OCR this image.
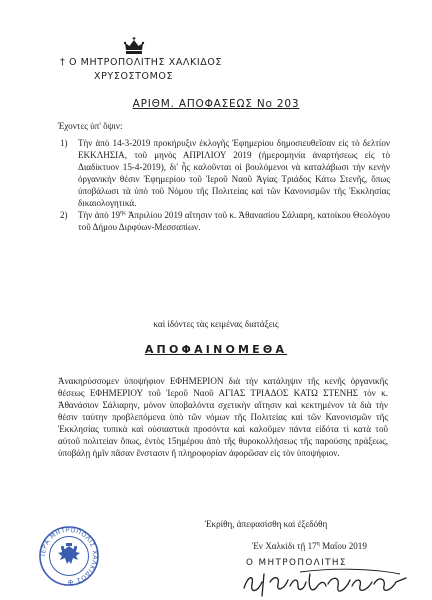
† Ο ΜΗΤΡΟΠΟΛΙΤΗΣ ΧΑΛΚΙΔΟΣ
ΧΡΥΣΟΣΤΟΜΟΣ
ΑΡΙΘΜ. ΑΠΟΦΑΣΕΩΣ Νο 203
Έχοντες ὑπ' ὄψιν:
1) Τὴν ἀπὸ 14-3-2019 προκήρυξιν ἐκλογῆς Ἐφημερίου δημοσιευθεῖσαν εἰς τὸ δελτίον ΕΚΚΛΗΣΙΑ, τοῦ μηνὸς ΑΠΡΙΛΙΟΥ 2019 (ἡμερομηνία ἀναρτήσεως εἰς τὸ Διαδίκτυον 15-4-2019), δι' ἧς καλοῦνται οἱ βουλόμενοι νὰ καταλάβωσι τὴν κενὴν ὀργανικὴν θέσιν Ἐφημερίου τοῦ Ἱεροῦ Ναοῦ Ἁγίας Τριάδος Κάτω Στενῆς, ὅπως ὑποβάλωσι τὰ ὑπὸ τοῦ Νόμου τῆς Πολιτείας καὶ τῶν Κανονισμῶν τῆς Ἐκκλησίας δικαιολογητικά.
2) Τὴν ἀπὸ $19^{\eta\varsigma}$ Ἀπριλίου 2019 αἴτησιν τοῦ κ. Ἀθανασίου Σάλιαρη, κατοίκου Θεολόγου τοῦ Δήμου Διρφύων-Μεσσαπίων.
καὶ ἰδόντες τὰς κειμένας διατάξεις
ΑΠΟΦΑΙΝΟΜΕΘΑ
Ἀνακηρύσσομεν ὑποψήφιον ΕΦΗΜΕΡΙΟΝ διὰ τὴν κατάληψιν τῆς κενῆς ὀργανικῆς θέσεως ΕΦΗΜΕΡΙΟΥ τοῦ Ἱεροῦ Ναοῦ ΑΓΙΑΣ ΤΡΙΑΔΟΣ ΚΑΤΩ ΣΤΕΝΗΣ τὸν κ. Ἀθανάσιον Σάλιαρην, μόνον ὑποβαλόντα σχετικὴν αἴτησιν καὶ κεκτημένον τὰ διὰ τὴν θέσιν ταύτην προβλεπόμενα ὑπὸ τῶν νόμων τῆς Πολιτείας καὶ τῶν Κανονισμῶν τῆς Ἐκκλησίας τυπικὰ καὶ οὐσιαστικὰ προσόντα καὶ καλοῦμεν πάντα εἰδότα τὶ κατὰ τοῦ αὐτοῦ πολιτείαν ὅπως, ἐντὸς 15ημέρου ἀπὸ τῆς θυροκολλήσεως τῆς παρούσης πράξεως, ὑποβάλῃ ἡμῖν πᾶσαν ἔνστασιν ἢ πληροφορίαν ἀφορῶσαν εἰς τὸν ὑποψήφιον.
Ἐκρίθη, ἀπεφασίσθη καὶ ἐξεδόθη
Ἐν Χαλκίδι τῇ $17^\eta$ Μαΐου 2019
Ο ΜΗΤΡΟΠΟΛΙΤΗΣ
ΙΕΡΑ ΜΗΤΡΟΠΟΛΙΣ ΧΑΛΚΙΔΟΣ ✠
